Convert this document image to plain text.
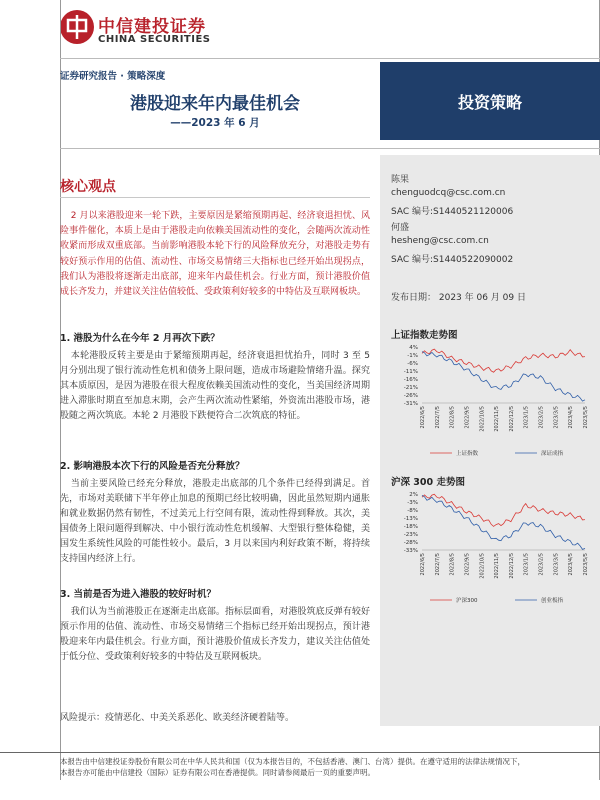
中信建投证券
CHINA SECURITIES
证券研究报告 · 策略深度
港股迎来年内最佳机会
——2023 年 6 月
投资策略
陈果
chenguodcq@csc.com.cn
SAC 编号:S1440521120006
何盛
hesheng@csc.com.cn
SAC 编号:S1440522090002
发布日期： 2023 年 06 月 09 日
上证指数走势图
4%
-1%
-6%
-11%
-16%
-21%
-26%
-31%
2022/6/5 2022/7/5 2022/8/5 2022/9/5 2022/10/5 2022/11/5 2022/12/5 2023/1/5 2023/2/5 2023/3/5 2023/4/5 2023/5/5
上证指数	深证成指
沪深 300 走势图
2%
-3%
-8%
-13%
-18%
-23%
-28%
-33%
2022/6/5 2022/7/5 2022/8/5 2022/9/5 2022/10/5 2022/11/5 2022/12/5 2023/1/5 2023/2/5 2023/3/5 2023/4/5 2023/5/5
沪深300	创业板指
核心观点

2 月以来港股迎来一轮下跌，主要原因是紧缩预期再起、经济衰退担忧、风险事件催化，本质上是由于港股走向依赖美国流动性的变化，会随两次流动性收紧而形成双重底部。当前影响港股本轮下行的风险释放充分，对港股走势有较好预示作用的估值、流动性、市场交易情绪三大指标也已经开始出现拐点，我们认为港股将逐渐走出底部，迎来年内最佳机会。行业方面，预计港股价值成长齐发力，并建议关注估值较低、受政策利好较多的中特估及互联网板块。

1. 港股为什么在今年 2 月再次下跌？

本轮港股反转主要是由于紧缩预期再起，经济衰退担忧抬升，同时 3 至 5 月分别出现了银行流动性危机和债务上限问题，造成市场避险情绪升温。探究其本质原因，是因为港股在很大程度依赖美国流动性的变化，当美国经济周期进入滞胀时期直至加息末期，会产生两次流动性紧缩，外资流出港股市场，港股随之两次筑底。本轮 2 月港股下跌便符合二次筑底的特征。

2. 影响港股本次下行的风险是否充分释放？

当前主要风险已经充分释放，港股走出底部的几个条件已经得到满足。首先，市场对美联储下半年停止加息的预期已经比较明确，因此虽然短期内通胀和就业数据仍然有韧性，不过美元上行空间有限，流动性得到释放。其次，美国债务上限问题得到解决、中小银行流动性危机缓解、大型银行整体稳健，美国发生系统性风险的可能性较小。最后，3 月以来国内利好政策不断，将持续支持国内经济上行。

3. 当前是否为进入港股的较好时机？

我们认为当前港股正在逐渐走出底部。指标层面看，对港股筑底反弹有较好预示作用的估值、流动性、市场交易情绪三个指标已经开始出现拐点，预计港股迎来年内最佳机会。行业方面，预计港股价值成长齐发力，建议关注估值处于低分位、受政策利好较多的中特估及互联网板块。

风险提示：疫情恶化、中美关系恶化、欧美经济硬着陆等。
本报告由中信建投证券股份有限公司在中华人民共和国（仅为本报告目的，不包括香港、澳门、台湾）提供。在遵守适用的法律法规情况下，
本报告亦可能由中信建投（国际）证券有限公司在香港提供。同时请参阅最后一页的重要声明。
